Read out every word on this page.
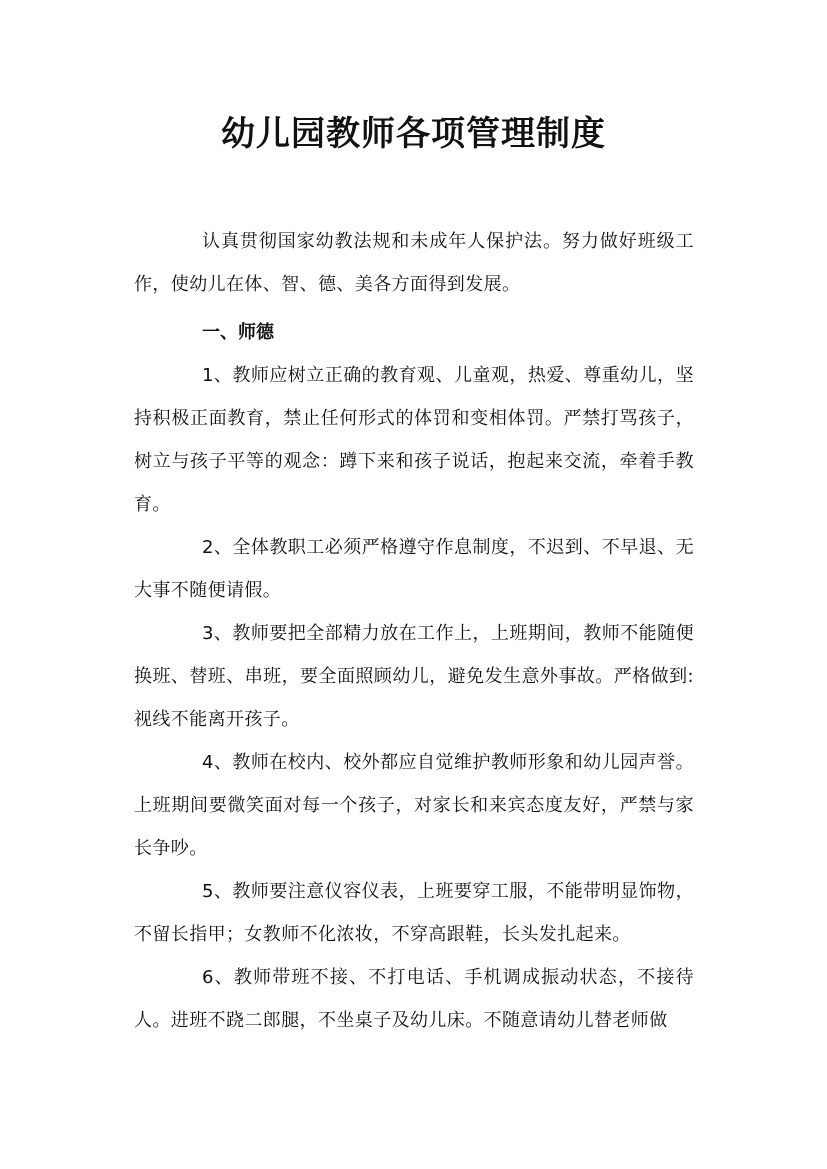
幼儿园教师各项管理制度

认真贯彻国家幼教法规和未成年人保护法。努力做好班级工作，使幼儿在体、智、德、美各方面得到发展。

一、师德

1、教师应树立正确的教育观、儿童观，热爱、尊重幼儿，坚持积极正面教育，禁止任何形式的体罚和变相体罚。严禁打骂孩子，树立与孩子平等的观念：蹲下来和孩子说话，抱起来交流，牵着手教育。

2、全体教职工必须严格遵守作息制度，不迟到、不早退、无大事不随便请假。

3、教师要把全部精力放在工作上，上班期间，教师不能随便换班、替班、串班，要全面照顾幼儿，避免发生意外事故。严格做到:视线不能离开孩子。

4、教师在校内、校外都应自觉维护教师形象和幼儿园声誉。上班期间要微笑面对每一个孩子，对家长和来宾态度友好，严禁与家长争吵。

5、教师要注意仪容仪表，上班要穿工服，不能带明显饰物，不留长指甲；女教师不化浓妆，不穿高跟鞋，长头发扎起来。

6、教师带班不接、不打电话、手机调成振动状态，不接待人。进班不跷二郎腿，不坐桌子及幼儿床。不随意请幼儿替老师做
